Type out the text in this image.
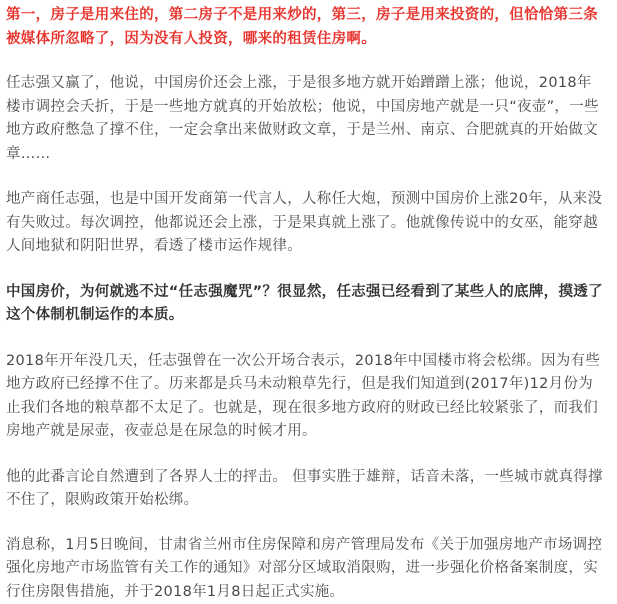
第一，房子是用来住的，第二房子不是用来炒的，第三，房子是用来投资的，但恰恰第三条被媒体所忽略了，因为没有人投资，哪来的租赁住房啊。

任志强又赢了，他说，中国房价还会上涨，于是很多地方就开始蹭蹭上涨；他说，2018年楼市调控会夭折，于是一些地方就真的开始放松；他说，中国房地产就是一只“夜壶”，一些地方政府憋急了撑不住，一定会拿出来做财政文章，于是兰州、南京、合肥就真的开始做文章……

地产商任志强，也是中国开发商第一代言人，人称任大炮，预测中国房价上涨20年，从来没有失败过。每次调控，他都说还会上涨，于是果真就上涨了。他就像传说中的女巫，能穿越人间地狱和阴阳世界，看透了楼市运作规律。

中国房价，为何就逃不过“任志强魔咒”？很显然，任志强已经看到了某些人的底牌，摸透了这个体制机制运作的本质。

2018年开年没几天，任志强曾在一次公开场合表示，2018年中国楼市将会松绑。因为有些地方政府已经撑不住了。历来都是兵马未动粮草先行，但是我们知道到(2017年)12月份为止我们各地的粮草都不太足了。也就是，现在很多地方政府的财政已经比较紧张了，而我们房地产就是尿壶，夜壶总是在尿急的时候才用。

他的此番言论自然遭到了各界人士的抨击。 但事实胜于雄辩，话音未落，一些城市就真得撑不住了，限购政策开始松绑。

消息称，1月5日晚间，甘肃省兰州市住房保障和房产管理局发布《关于加强房地产市场调控强化房地产市场监管有关工作的通知》对部分区域取消限购，进一步强化价格备案制度，实行住房限售措施，并于2018年1月8日起正式实施。
